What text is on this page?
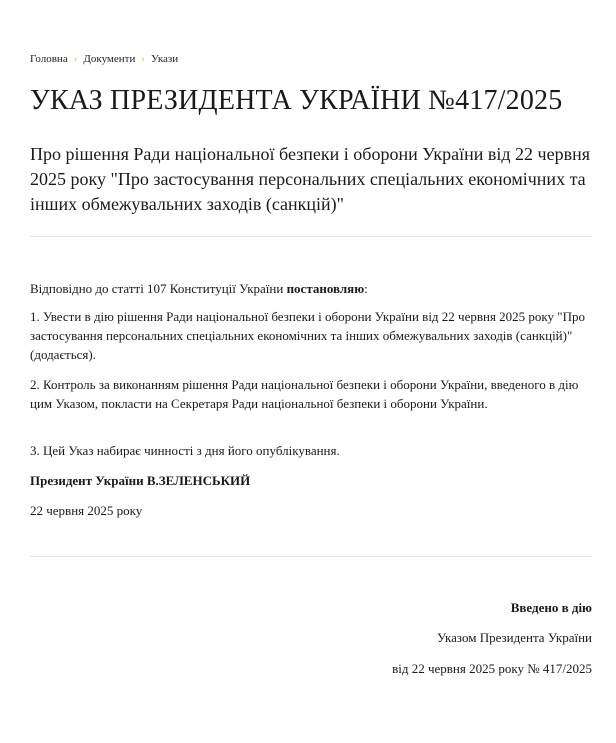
Головна › Документи › Укази
УКАЗ ПРЕЗИДЕНТА УКРАЇНИ №417/2025
Про рішення Ради національної безпеки і оборони України від 22 червня 2025 року "Про застосування персональних спеціальних економічних та інших обмежувальних заходів (санкцій)"

Відповідно до статті 107 Конституції України постановляю:

1. Увести в дію рішення Ради національної безпеки і оборони України від 22 червня 2025 року "Про застосування персональних спеціальних економічних та інших обмежувальних заходів (санкцій)" (додається).

2. Контроль за виконанням рішення Ради національної безпеки і оборони України, введеного в дію цим Указом, покласти на Секретаря Ради національної безпеки і оборони України.

3. Цей Указ набирає чинності з дня його опублікування.

Президент України В.ЗЕЛЕНСЬКИЙ
22 червня 2025 року
Введено в дію
Указом Президента України
від 22 червня 2025 року № 417/2025
